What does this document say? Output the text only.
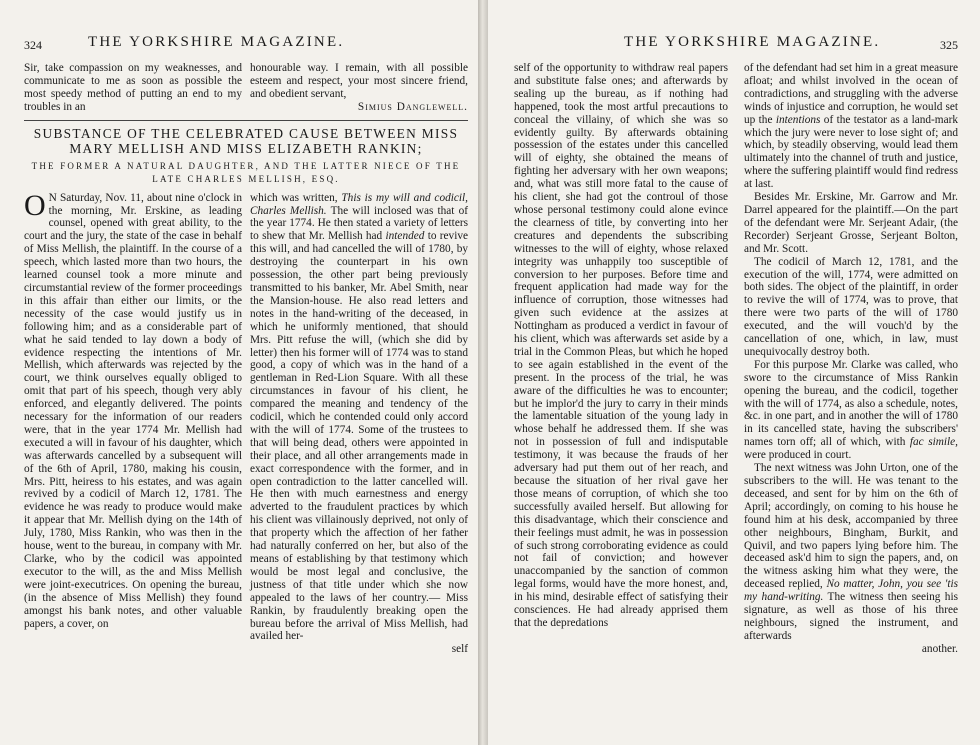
324	THE YORKSHIRE MAGAZINE.

Sir, take compassion on my weaknesses, and communicate to me as soon as possible the most speedy method of putting an end to my troubles in an

honourable way. I remain, with all possible esteem and respect, your most sincere friend, and obedient servant,

Simius Danglewell.
SUBSTANCE OF THE CELEBRATED CAUSE BETWEEN MISS MARY MELLISH AND MISS ELIZABETH RANKIN;
THE FORMER A NATURAL DAUGHTER, AND THE LATTER NIECE OF THE LATE CHARLES MELLISH, ESQ.

O N Saturday, Nov. 11, about nine o'clock in the morning, Mr. Erskine, as leading counsel, opened with great ability, to the court and the jury, the state of the case in behalf of Miss Mellish, the plaintiff. In the course of a speech, which lasted more than two hours, the learned counsel took a more minute and circumstantial review of the former proceedings in this affair than either our limits, or the necessity of the case would justify us in following him; and as a considerable part of what he said tended to lay down a body of evidence respecting the intentions of Mr. Mellish, which afterwards was rejected by the court, we think ourselves equally obliged to omit that part of his speech, though very ably enforced, and elegantly delivered. The points necessary for the information of our readers were, that in the year 1774 Mr. Mellish had executed a will in favour of his daughter, which was afterwards cancelled by a subsequent will of the 6th of April, 1780, making his cousin, Mrs. Pitt, heiress to his estates, and was again revived by a codicil of March 12, 1781. The evidence he was ready to produce would make it appear that Mr. Mellish dying on the 14th of July, 1780, Miss Rankin, who was then in the house, went to the bureau, in company with Mr. Clarke, who by the codicil was appointed executor to the will, as the and Miss Mellish were joint-executrices. On opening the bureau, (in the absence of Miss Mellish) they found amongst his bank notes, and other valuable papers, a cover, on

which was written, This is my will and codicil, Charles Mellish. The will inclosed was that of the year 1774. He then stated a variety of letters to shew that Mr. Mellish had intended to revive this will, and had cancelled the will of 1780, by destroying the counterpart in his own possession, the other part being previously transmitted to his banker, Mr. Abel Smith, near the Mansion-house. He also read letters and notes in the hand-writing of the deceased, in which he uniformly mentioned, that should Mrs. Pitt refuse the will, (which she did by letter) then his former will of 1774 was to stand good, a copy of which was in the hand of a gentleman in Red-Lion Square. With all these circumstances in favour of his client, he compared the meaning and tendency of the codicil, which he contended could only accord with the will of 1774. Some of the trustees to that will being dead, others were appointed in their place, and all other arrangements made in exact correspondence with the former, and in open contradiction to the latter cancelled will. He then with much earnestness and energy adverted to the fraudulent practices by which his client was villainously deprived, not only of that property which the affection of her father had naturally conferred on her, but also of the means of establishing by that testimony which would be most legal and conclusive, the justness of that title under which she now appealed to the laws of her country.— Miss Rankin, by fraudulently breaking open the bureau before the arrival of Miss Mellish, had availed her-

self
THE YORKSHIRE MAGAZINE.	325

self of the opportunity to withdraw real papers and substitute false ones; and afterwards by sealing up the bureau, as if nothing had happened, took the most artful precautions to conceal the villainy, of which she was so evidently guilty. By afterwards obtaining possession of the estates under this cancelled will of eighty, she obtained the means of fighting her adversary with her own weapons; and, what was still more fatal to the cause of his client, she had got the controul of those whose personal testimony could alone evince the clearness of title, by converting into her creatures and dependents the subscribing witnesses to the will of eighty, whose relaxed integrity was unhappily too susceptible of conversion to her purposes. Before time and frequent application had made way for the influence of corruption, those witnesses had given such evidence at the assizes at Nottingham as produced a verdict in favour of his client, which was afterwards set aside by a trial in the Common Pleas, but which he hoped to see again established in the event of the present. In the process of the trial, he was aware of the difficulties he was to encounter; but he implor'd the jury to carry in their minds the lamentable situation of the young lady in whose behalf he addressed them. If she was not in possession of full and indisputable testimony, it was because the frauds of her adversary had put them out of her reach, and because the situation of her rival gave her those means of corruption, of which she too successfully availed herself. But allowing for this disadvantage, which their conscience and their feelings must admit, he was in possession of such strong corroborating evidence as could not fail of conviction; and however unaccompanied by the sanction of common legal forms, would have the more honest, and, in his mind, desirable effect of satisfying their consciences. He had already apprised them that the depredations

of the defendant had set him in a great measure afloat; and whilst involved in the ocean of contradictions, and struggling with the adverse winds of injustice and corruption, he would set up the intentions of the testator as a land-mark which the jury were never to lose sight of; and which, by steadily observing, would lead them ultimately into the channel of truth and justice, where the suffering plaintiff would find redress at last.

Besides Mr. Erskine, Mr. Garrow and Mr. Darrel appeared for the plaintiff.—On the part of the defendant were Mr. Serjeant Adair, (the Recorder) Serjeant Grosse, Serjeant Bolton, and Mr. Scott.

The codicil of March 12, 1781, and the execution of the will, 1774, were admitted on both sides. The object of the plaintiff, in order to revive the will of 1774, was to prove, that there were two parts of the will of 1780 executed, and the will vouch'd by the cancellation of one, which, in law, must unequivocally destroy both.

For this purpose Mr. Clarke was called, who swore to the circumstance of Miss Rankin opening the bureau, and the codicil, together with the will of 1774, as also a schedule, notes, &c. in one part, and in another the will of 1780 in its cancelled state, having the subscribers' names torn off; all of which, with fac simile, were produced in court.

The next witness was John Urton, one of the subscribers to the will. He was tenant to the deceased, and sent for by him on the 6th of April; accordingly, on coming to his house he found him at his desk, accompanied by three other neighbours, Bingham, Burkit, and Quivil, and two papers lying before him. The deceased ask'd him to sign the papers, and, on the witness asking him what they were, the deceased replied, No matter, John, you see 'tis my hand-writing. The witness then seeing his signature, as well as those of his three neighbours, signed the instrument, and afterwards

another.
